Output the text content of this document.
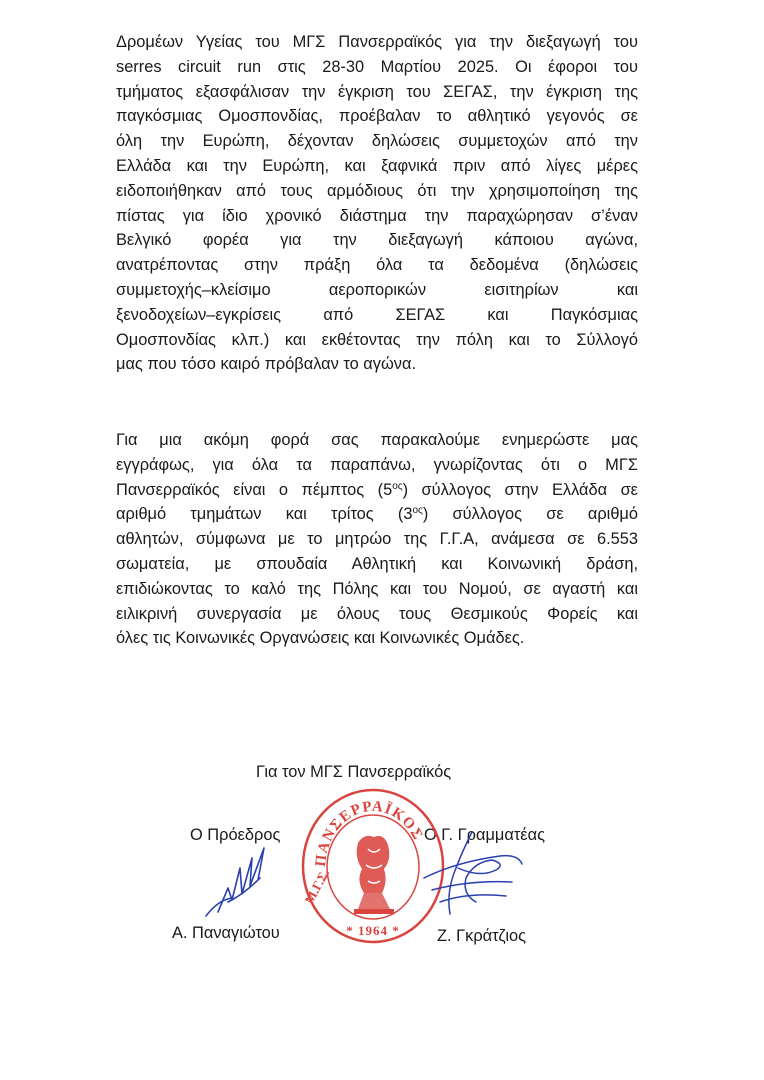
Δρομέων Υγείας του ΜΓΣ Πανσερραϊκός για την διεξαγωγή του
serres circuit run στις 28-30 Μαρτίου 2025. Οι έφοροι του
τμήματος εξασφάλισαν την έγκριση του ΣΕΓΑΣ, την έγκριση της
παγκόσμιας Ομοσπονδίας, προέβαλαν το αθλητικό γεγονός σε
όλη την Ευρώπη, δέχονταν δηλώσεις συμμετοχών από την
Ελλάδα και την Ευρώπη, και ξαφνικά πριν από λίγες μέρες
ειδοποιήθηκαν από τους αρμόδιους ότι την χρησιμοποίηση της
πίστας για ίδιο χρονικό διάστημα την παραχώρησαν σ’έναν
Βελγικό φορέα για την διεξαγωγή κάποιου αγώνα,
ανατρέποντας στην πράξη όλα τα δεδομένα (δηλώσεις
συμμετοχής–κλείσιμο αεροπορικών εισιτηρίων και
ξενοδοχείων–εγκρίσεις από ΣΕΓΑΣ και Παγκόσμιας
Ομοσπονδίας κλπ.) και εκθέτοντας την πόλη και το Σύλλογό
μας που τόσο καιρό πρόβαλαν το αγώνα.
Για μια ακόμη φορά σας παρακαλούμε ενημερώστε μας
εγγράφως, για όλα τα παραπάνω, γνωρίζοντας ότι ο ΜΓΣ
Πανσερραϊκός είναι ο πέμπτος $(5^{o\varsigma})$ σύλλογος στην Ελλάδα σε
αριθμό τμημάτων και τρίτος $(3^{o\varsigma})$ σύλλογος σε αριθμό
αθλητών, σύμφωνα με το μητρώο της Γ.Γ.Α, ανάμεσα σε 6.553
σωματεία, με σπουδαία Αθλητική και Κοινωνική δράση,
επιδιώκοντας το καλό της Πόλης και του Νομού, σε αγαστή και
ειλικρινή συνεργασία με όλους τους Θεσμικούς Φορείς και
όλες τις Κοινωνικές Οργανώσεις και Κοινωνικές Ομάδες.
Για τον ΜΓΣ Πανσερραϊκός
Ο Πρόεδρος	Ο Γ. Γραμματέας
ΠΑΝΣΕΡΡΑΪΚΟΣ
Μ.Γ.Σ.
* 1964 *
Α. Παναγιώτου	Ζ. Γκράτζιος
